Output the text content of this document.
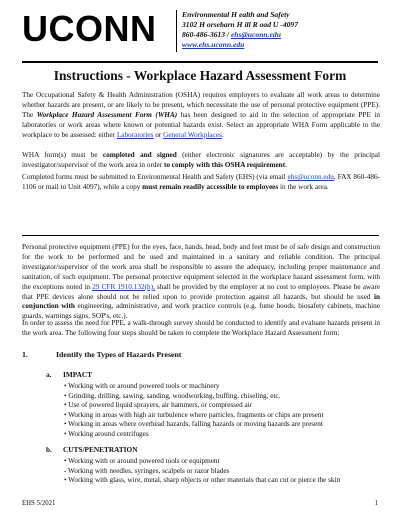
UCONN	Environmental H ealth and Safety
3102 H orsebarn H ill R oad U -4097
860-486-3613 / ehs@uconn.edu
www.ehs.uconn.edu
Instructions - Workplace Hazard Assessment Form

The Occupational Safety & Health Administration (OSHA) requires employers to evaluate all work areas to determine whether hazards are present, or are likely to be present, which necessitate the use of personal protective equipment (PPE). The Workplace Hazard Assessment Form (WHA) has been designed to aid in the selection of appropriate PPE in laboratories or work areas where known or potential hazards exist. Select an appropriate WHA Form applicable to the workplace to be assessed: either Laboratories or General Workplaces.

WHA form(s) must be completed and signed (either electronic signatures are acceptable) by the principal investigator/supervisor of the work area in order to comply with this OSHA requirement.

Completed forms must be submitted to Environmental Health and Safety (EHS) (via email ehs@uconn.edu, FAX 860-486-1106 or mail to Unit 4097), while a copy must remain readily accessible to employees in the work area.

Personal protective equipment (PPE) for the eyes, face, hands, head, body and feet must be of safe design and construction for the work to be performed and be used and maintained in a sanitary and reliable condition. The principal investigator/supervisor of the work area shall be responsible to assure the adequacy, including proper maintenance and sanitation, of such equipment. The personal protective equipment selected in the workplace hazard assessment form, with the exceptions noted in 29 CFR 1910.132(h), shall be provided by the employer at no cost to employees. Please be aware that PPE devices alone should not be relied upon to provide protection against all hazards, but should be used in conjunction with engineering, administrative, and work practice controls (e.g. fume hoods, biosafety cabinets, machine guards, warnings signs, SOP's, etc.).

In order to assess the need for PPE, a walk-through survey should be conducted to identify and evaluate hazards present in the work area. The following four steps should be taken to complete the Workplace Hazard Assessment form:

1.	Identify the Types of Hazards Present
a. IMPACT
• Working with or around powered tools or machinery
• Grinding, drilling, sawing, sanding, woodworking, buffing, chiseling, etc.
• Use of powered liquid sprayers, air hammers, or compressed air
• Working in areas with high air turbulence where particles, fragments or chips are present
• Working in areas where overhead hazards, falling hazards or moving hazards are present
• Working around centrifuges
b. CUTS/PENETRATION
• Working with or around powered tools or equipment
- Working with needles, syringes, scalpels or razor blades
• Working with glass, wire, metal, sharp objects or other materials that can cut or pierce the skin
EHS 5/2021	1
